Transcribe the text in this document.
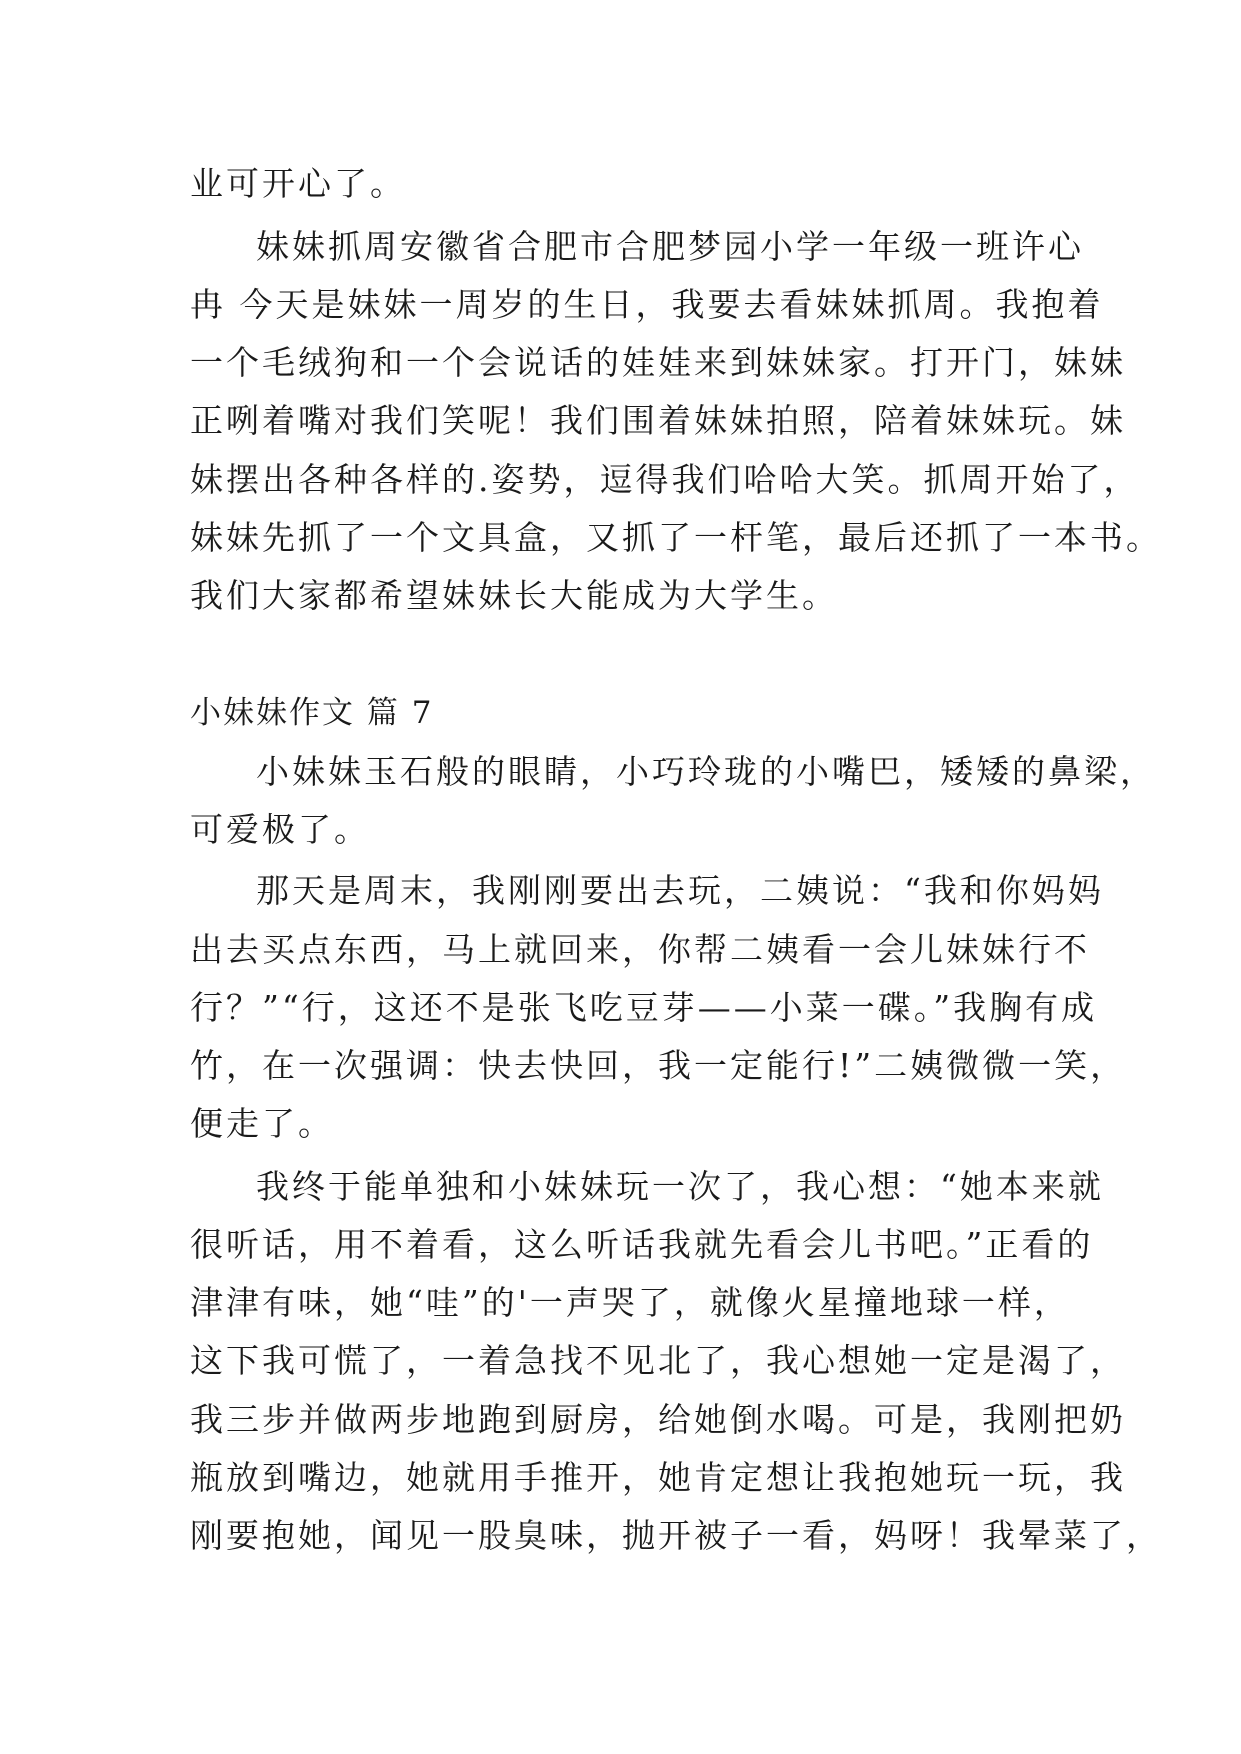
业可开心了。
妹妹抓周安徽省合肥市合肥梦园小学一年级一班许心
冉 今天是妹妹一周岁的生日，我要去看妹妹抓周。我抱着
一个毛绒狗和一个会说话的娃娃来到妹妹家。打开门，妹妹
正咧着嘴对我们笑呢！我们围着妹妹拍照，陪着妹妹玩。妹
妹摆出各种各样的.姿势，逗得我们哈哈大笑。抓周开始了，
妹妹先抓了一个文具盒，又抓了一杆笔，最后还抓了一本书。
我们大家都希望妹妹长大能成为大学生。
小妹妹作文 篇 7
小妹妹玉石般的眼睛，小巧玲珑的小嘴巴，矮矮的鼻梁，
可爱极了。
那天是周末，我刚刚要出去玩，二姨说：“我和你妈妈
出去买点东西，马上就回来，你帮二姨看一会儿妹妹行不
行？”“行，这还不是张飞吃豆芽——小菜一碟。”我胸有成
竹，在一次强调：快去快回，我一定能行!”二姨微微一笑，
便走了。
我终于能单独和小妹妹玩一次了，我心想：“她本来就
很听话，用不着看，这么听话我就先看会儿书吧。”正看的
津津有味，她“哇”的'一声哭了，就像火星撞地球一样，
这下我可慌了，一着急找不见北了，我心想她一定是渴了，
我三步并做两步地跑到厨房，给她倒水喝。可是，我刚把奶
瓶放到嘴边，她就用手推开，她肯定想让我抱她玩一玩，我
刚要抱她，闻见一股臭味，抛开被子一看，妈呀！我晕菜了，
